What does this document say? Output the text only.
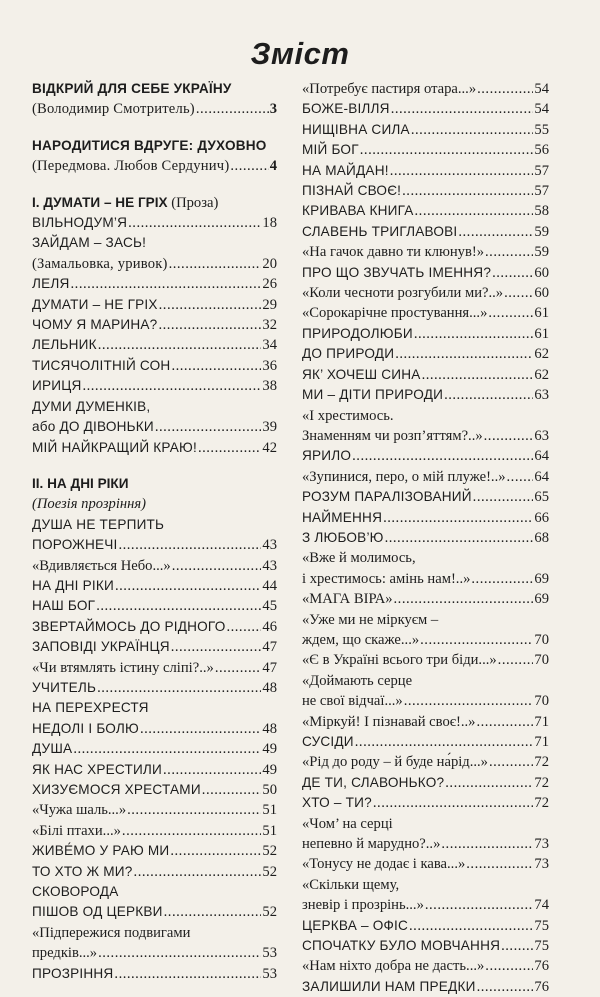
Зміст
ВІДКРИЙ ДЛЯ СЕБЕ УКРАЇНУ
(Володимир Смотритель) .....	3
НАРОДИТИСЯ ВДРУГЕ: ДУХОВНО
(Передмова. Любов Сердунич) .....	4
І. ДУМАТИ – НЕ ГРІХ (Проза)
ВІЛЬНОДУМ’Я .....	18
ЗАЙДАМ – ЗАСЬ!
(Замальовка, уривок) .....	20
ЛЕЛЯ .....	26
ДУМАТИ – НЕ ГРІХ .....	29
ЧОМУ Я МАРИНА? .....	32
ЛЕЛЬНИК .....	34
ТИСЯЧОЛІТНІЙ СОН .....	36
ИРИЦЯ .....	38
ДУМИ ДУМЕНКІВ,
або ДО ДІВОНЬКИ .....	39
МІЙ НАЙКРАЩИЙ КРАЮ! .....	42
ІІ. НА ДНІ РІКИ
(Поезія прозріння)
ДУША НЕ ТЕРПИТЬ
ПОРОЖНЕЧІ .....	43
«Вдивляється Небо...» .....	43
НА ДНІ РІКИ .....	44
НАШ БОГ .....	45
ЗВЕРТАЙМОСЬ ДО РІДНОГО .....	46
ЗАПОВІДІ УКРАЇНЦЯ .....	47
«Чи втямлять істину сліпі?..» .....	47
УЧИТЕЛЬ .....	48
НА ПЕРЕХРЕСТЯ
НЕДОЛІ І БОЛЮ .....	48
ДУША .....	49
ЯК НАС ХРЕСТИЛИ .....	49
ХИЗУЄМОСЯ ХРЕСТАМИ .....	50
«Чужа шаль...» .....	51
«Білі птахи...» .....	51
ЖИВЕ́МО У РАЮ МИ .....	52
ТО ХТО Ж МИ? .....	52
СКОВОРОДА
ПІШОВ ОД ЦЕРКВИ .....	52
«Підпережися подвигами
предків...» .....	53
ПРОЗРІННЯ .....	53
«Потребує пастиря отара...» .....	54
БОЖЕ-ВІЛЛЯ .....	54
НИЩІВНА СИЛА .....	55
МІЙ БОГ .....	56
НА МАЙДАН! .....	57
ПІЗНАЙ СВОЄ! .....	57
КРИВАВА КНИГА .....	58
СЛАВЕНЬ ТРИГЛАВОВІ .....	59
«На гачок давно ти клюнув!» .....	59
ПРО ЩО ЗВУЧАТЬ ІМЕННЯ? .....	60
«Коли чесноти розгубили ми?..» ..... 60
«Сорокарічне простування...» .....	61
ПРИРОДОЛЮБИ .....	61
ДО ПРИРОДИ .....	62
ЯК’ ХОЧЕШ СИНА .....	62
МИ – ДІТИ ПРИРОДИ .....	63
«І хрестимось.
Знаменням чи розп’яттям?..» .....	63
ЯРИЛО .....	64
«Зупинися, перо, о мій плуже!..» ..... 64
РОЗУМ ПАРАЛІЗОВАНИЙ .....	65
НАЙМЕННЯ .....	66
З ЛЮБОВ’Ю .....	68
«Вже й молимось,
і хрестимось: амінь нам!..» .....	69
«МАГА ВІРА» .....	69
«Уже ми не міркуєм –
ждем, що скаже...» .....	70
«Є в Україні всього три біди...» .....	70
«Доймають серце
не свої відчаї...» .....	70
«Міркуй! І пізнавай своє!..» .....	71
СУСІДИ .....	71
«Рід до роду – й буде на́рід...» .....	72
ДЕ ТИ, СЛАВОНЬКО? .....	72
ХТО – ТИ? .....	72
«Чом’ на серці
непевно й марудно?..» .....	73
«Тонусу не додає і кава...» .....	73
«Скільки щему,
зневір і прозрінь...» .....	74
ЦЕРКВА – ОФІС .....	75
СПОЧАТКУ БУЛО МОВЧАННЯ ..... 75
«Нам ніхто добра не дасть...» .....	76
ЗАЛИШИЛИ НАМ ПРЕДКИ .....	76
